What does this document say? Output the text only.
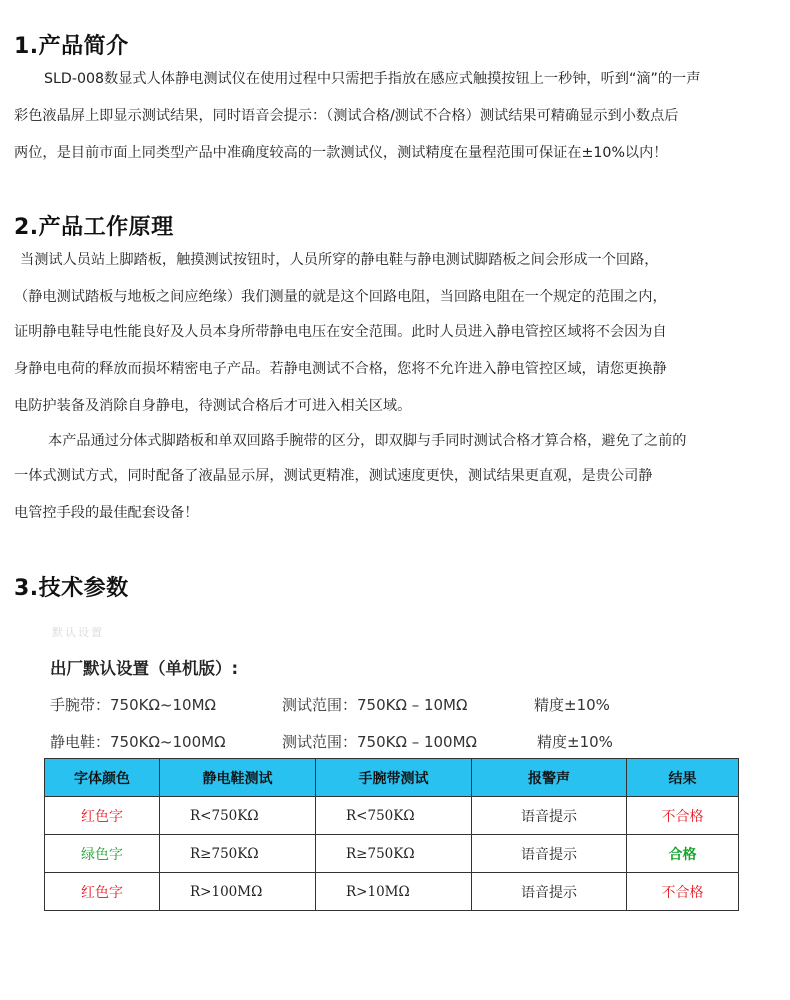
1.产品简介

SLD-008数显式人体静电测试仪在使用过程中只需把手指放在感应式触摸按钮上一秒钟，听到“滴”的一声

彩色液晶屏上即显示测试结果，同时语音会提示：（测试合格/测试不合格）测试结果可精确显示到小数点后

两位，是目前市面上同类型产品中准确度较高的一款测试仪，测试精度在量程范围可保证在±10%以内！

2.产品工作原理

当测试人员站上脚踏板，触摸测试按钮时，人员所穿的静电鞋与静电测试脚踏板之间会形成一个回路，

（静电测试踏板与地板之间应绝缘）我们测量的就是这个回路电阻，当回路电阻在一个规定的范围之内，

证明静电鞋导电性能良好及人员本身所带静电电压在安全范围。此时人员进入静电管控区域将不会因为自

身静电电荷的释放而损坏精密电子产品。若静电测试不合格，您将不允许进入静电管控区域，请您更换静

电防护装备及消除自身静电，待测试合格后才可进入相关区域。

本产品通过分体式脚踏板和单双回路手腕带的区分，即双脚与手同时测试合格才算合格，避免了之前的

一体式测试方式，同时配备了液晶显示屏，测试更精准，测试速度更快，测试结果更直观，是贵公司静

电管控手段的最佳配套设备！

3.技术参数
默认设置
出厂默认设置（单机版）:
手腕带：750KΩ~10MΩ	测试范围：750KΩ – 10MΩ	精度±10%
静电鞋：750KΩ~100MΩ	测试范围：750KΩ – 100MΩ	精度±10%
字体颜色	静电鞋测试	手腕带测试	报警声	结果
红色字	R<750KΩ	R<750KΩ	语音提示	不合格
绿色字	R≥750KΩ	R≥750KΩ	语音提示	合格
红色字	R>100MΩ	R>10MΩ	语音提示	不合格
